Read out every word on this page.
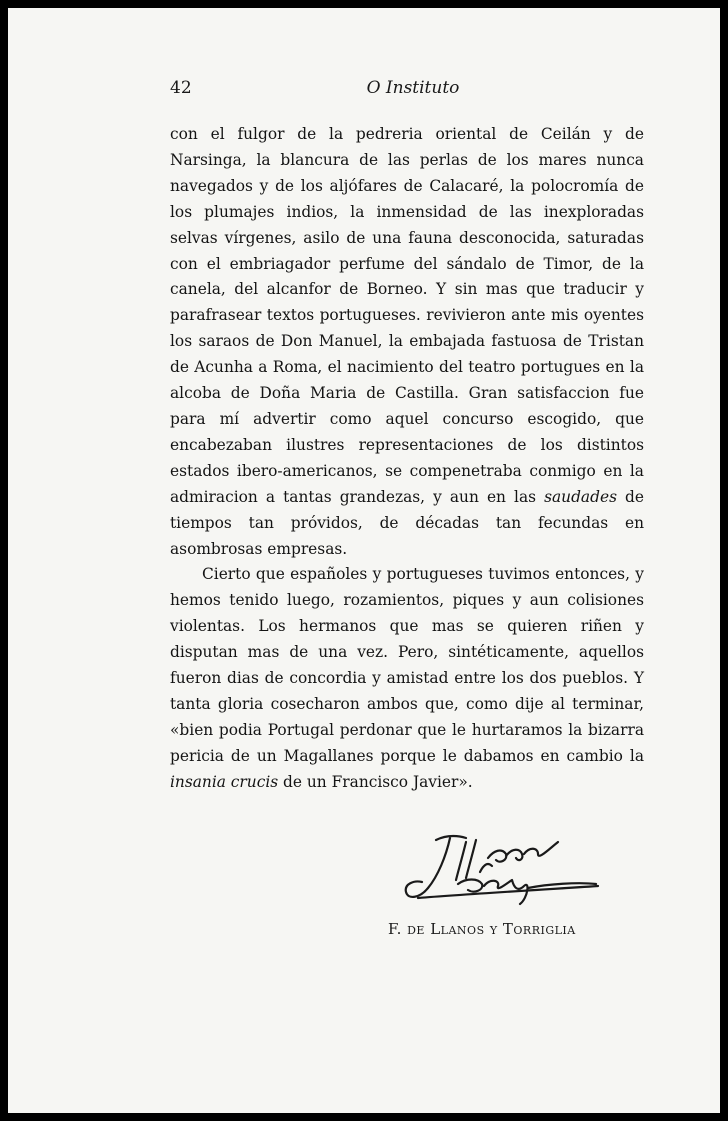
42	O Instituto

con el fulgor de la pedreria oriental de Ceilán y de Narsinga, la blancura de las perlas de los mares nunca navegados y de los aljófares de Calacaré, la polocromía de los plumajes indios, la inmensidad de las inexploradas selvas vírgenes, asilo de una fauna desconocida, saturadas con el embriagador perfume del sándalo de Timor, de la canela, del alcanfor de Borneo. Y sin mas que traducir y parafrasear textos portugueses. revivieron ante mis oyentes los saraos de Don Manuel, la embajada fastuosa de Tristan de Acunha a Roma, el nacimiento del teatro portugues en la alcoba de Doña Maria de Castilla. Gran satisfaccion fue para mí advertir como aquel concurso escogido, que encabezaban ilustres representaciones de los distintos estados ibero-americanos, se compenetraba conmigo en la admiracion a tantas grandezas, y aun en las saudades de tiempos tan próvidos, de décadas tan fecundas en asombrosas empresas.

Cierto que españoles y portugueses tuvimos entonces, y hemos tenido luego, rozamientos, piques y aun colisiones violentas. Los hermanos que mas se quieren riñen y disputan mas de una vez. Pero, sintéticamente, aquellos fueron dias de concordia y amistad entre los dos pueblos. Y tanta gloria cosecharon ambos que, como dije al terminar, «bien podia Portugal perdonar que le hurtaramos la bizarra pericia de un Magallanes porque le dabamos en cambio la insania crucis de un Francisco Javier».

F. de Llanos y Torriglia
